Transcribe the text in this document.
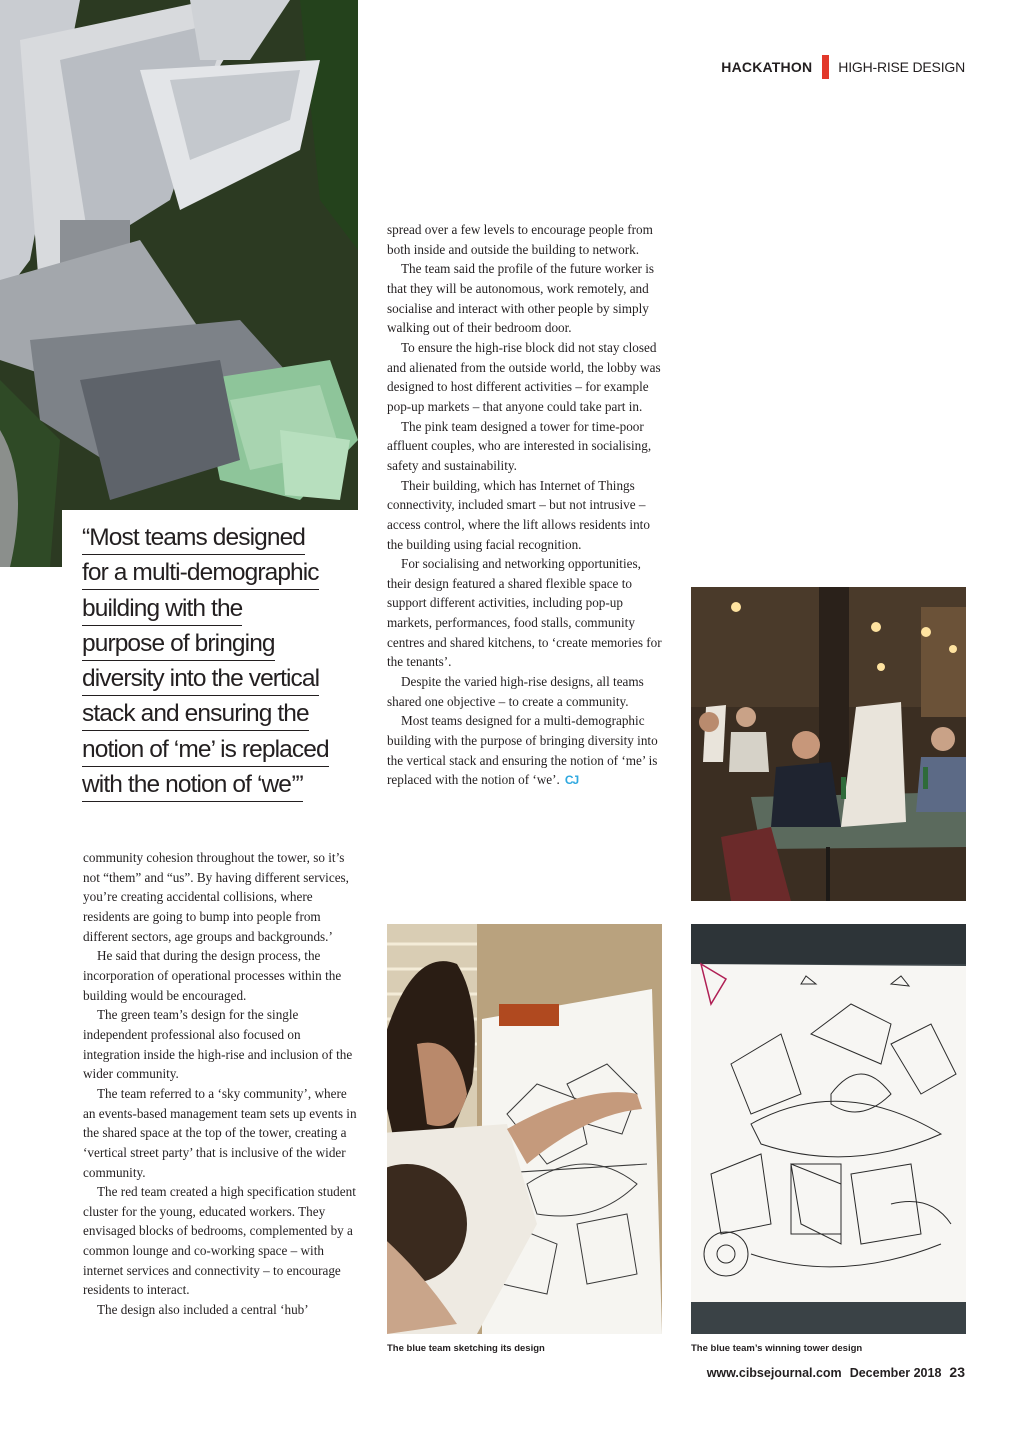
HACKATHON HIGH-RISE DESIGN

“Most teams designed
for a multi-demographic
building with the
purpose of bringing
diversity into the vertical
stack and ensuring the
notion of ‘me’ is replaced
with the notion of ‘we’”

community cohesion throughout the tower, so it’s not “them” and “us”. By having different services, you’re creating accidental collisions, where residents are going to bump into people from different sectors, age groups and backgrounds.’

He said that during the design process, the incorporation of operational processes within the building would be encouraged.

The green team’s design for the single independent professional also focused on integration inside the high-rise and inclusion of the wider community.

The team referred to a ‘sky community’, where an events-based management team sets up events in the shared space at the top of the tower, creating a ‘vertical street party’ that is inclusive of the wider community.

The red team created a high specification student cluster for the young, educated workers. They envisaged blocks of bedrooms, complemented by a common lounge and co-working space – with internet services and connectivity – to encourage residents to interact.

The design also included a central ‘hub’

spread over a few levels to encourage people from both inside and outside the building to network.

The team said the profile of the future worker is that they will be autonomous, work remotely, and socialise and interact with other people by simply walking out of their bedroom door.

To ensure the high-rise block did not stay closed and alienated from the outside world, the lobby was designed to host different activities – for example pop-up markets – that anyone could take part in.

The pink team designed a tower for time-poor affluent couples, who are interested in socialising, safety and sustainability.

Their building, which has Internet of Things connectivity, included smart – but not intrusive – access control, where the lift allows residents into the building using facial recognition.

For socialising and networking opportunities, their design featured a shared flexible space to support different activities, including pop-up markets, performances, food stalls, community centres and shared kitchens, to ‘create memories for the tenants’.

Despite the varied high-rise designs, all teams shared one objective – to create a community.

Most teams designed for a multi-demographic building with the purpose of bringing diversity into the vertical stack and ensuring the notion of ‘me’ is replaced with the notion of ‘we’. CJ

The blue team sketching its design	The blue team’s winning tower design
www.cibsejournal.com December 2018 23
